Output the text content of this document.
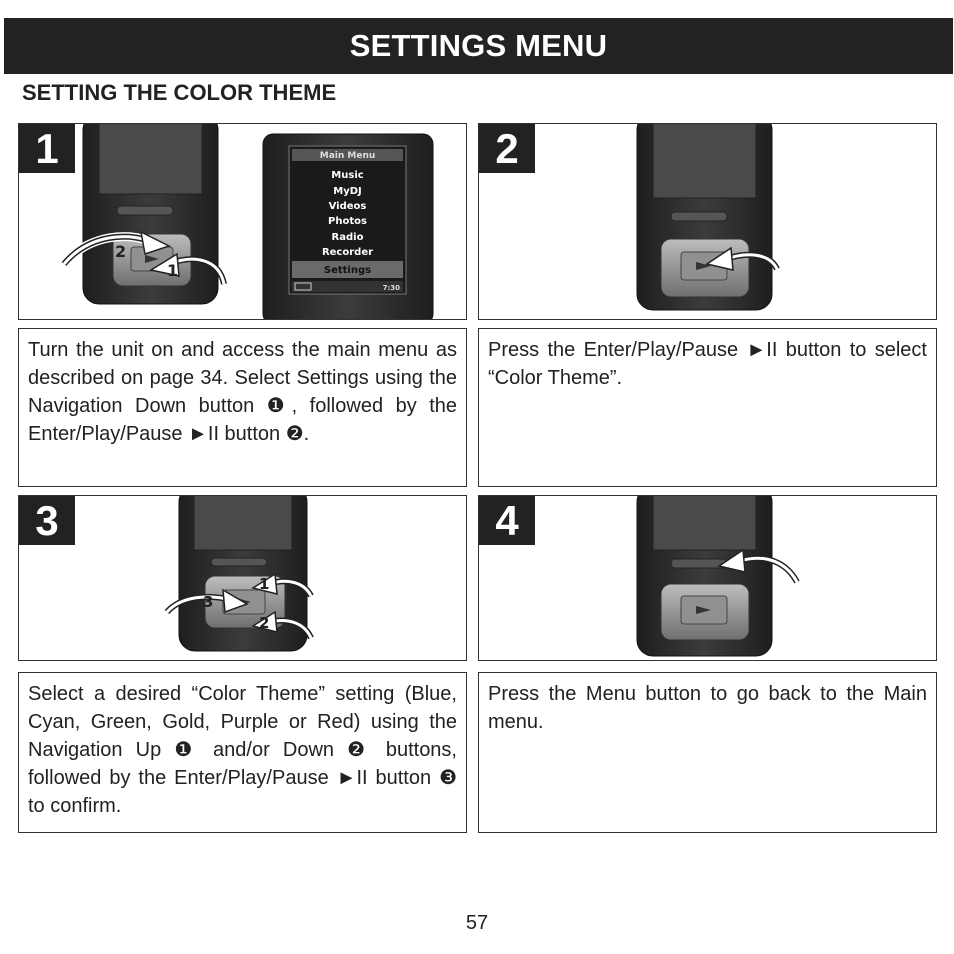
SETTINGS MENU
SETTING THE COLOR THEME
2
1
Main Menu
Music
MyDJ
Videos
Photos
Radio
Recorder
Settings
7:30
1	2
Turn the unit on and access the main menu as described on page 34. Select Settings using the Navigation Down button ❶, followed by the Enter/Play/Pause ►II button ❷.
Press the Enter/Play/Pause ►II button to select “Color Theme”.
1
3
2
3	4
Select a desired “Color Theme” setting (Blue, Cyan, Green, Gold, Purple or Red) using the Navigation Up ❶ and/or Down ❷ buttons, followed by the Enter/Play/Pause ►II button ❸ to confirm.
Press the Menu button to go back to the Main menu.
57
